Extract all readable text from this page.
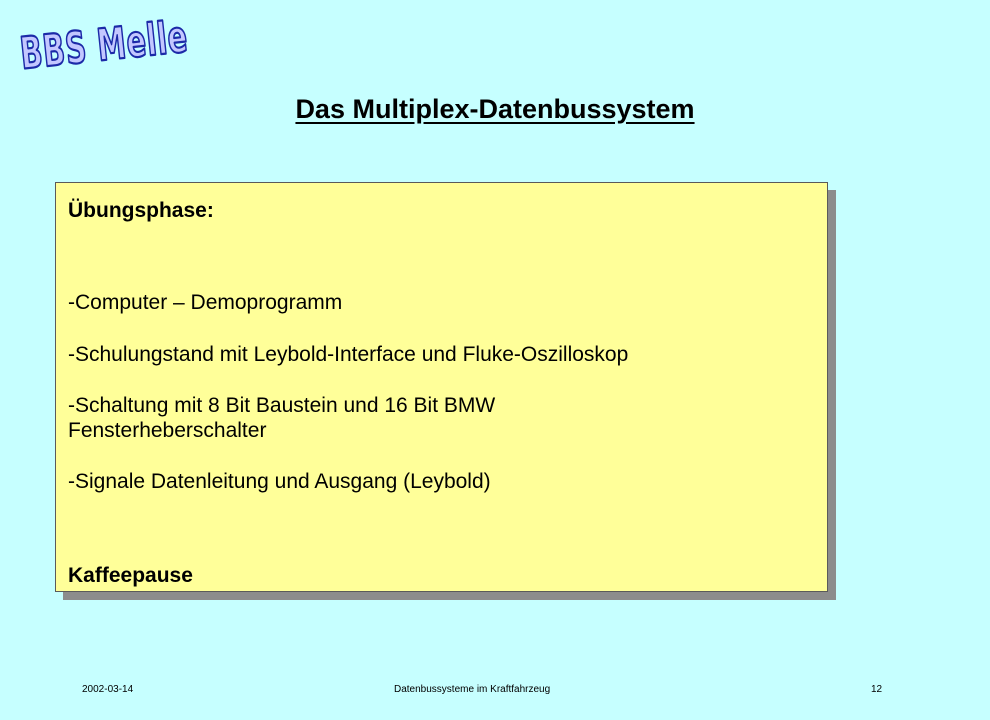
BBS Melle
Das Multiplex-Datenbussystem

Übungsphase:

-Computer – Demoprogramm

-Schulungstand mit Leybold-Interface und Fluke-Oszilloskop

-Schaltung mit 8 Bit Baustein und 16 Bit BMW

Fensterheberschalter

-Signale Datenleitung und Ausgang (Leybold)

Kaffeepause

2002-03-14	Datenbussysteme im Kraftfahrzeug	12
